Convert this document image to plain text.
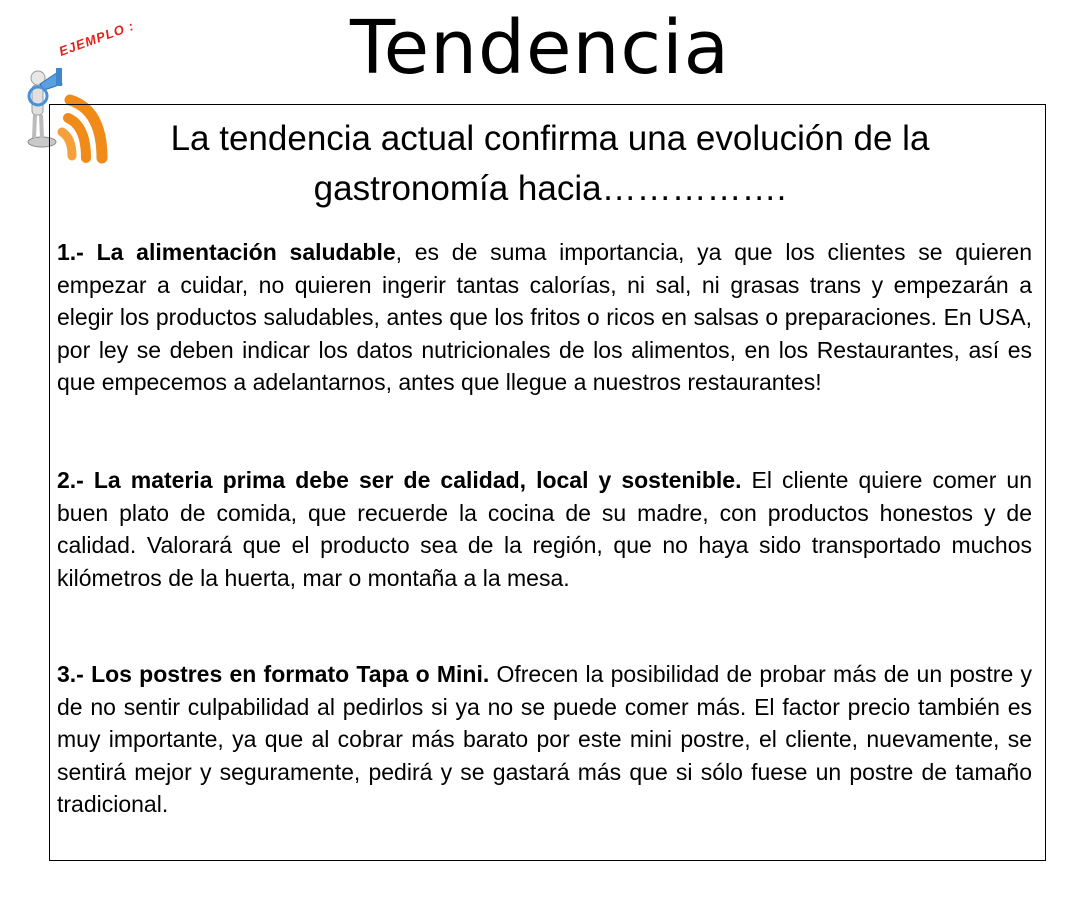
EJEMPLO :	Tendencia
La tendencia actual confirma una evolución de la
gastronomía hacia…………….

1.- La alimentación saludable, es de suma importancia, ya que los clientes se quieren empezar a cuidar, no quieren ingerir tantas calorías, ni sal, ni grasas trans y empezarán a elegir los productos saludables, antes que los fritos o ricos en salsas o preparaciones. En USA, por ley se deben indicar los datos nutricionales de los alimentos, en los Restaurantes, así es que empecemos a adelantarnos, antes que llegue a nuestros restaurantes!

2.- La materia prima debe ser de calidad, local y sostenible. El cliente quiere comer un buen plato de comida, que recuerde la cocina de su madre, con productos honestos y de calidad. Valorará que el producto sea de la región, que no haya sido transportado muchos kilómetros de la huerta, mar o montaña a la mesa.

3.- Los postres en formato Tapa o Mini. Ofrecen la posibilidad de probar más de un postre y de no sentir culpabilidad al pedirlos si ya no se puede comer más. El factor precio también es muy importante, ya que al cobrar más barato por este mini postre, el cliente, nuevamente, se sentirá mejor y seguramente, pedirá y se gastará más que si sólo fuese un postre de tamaño tradicional.
